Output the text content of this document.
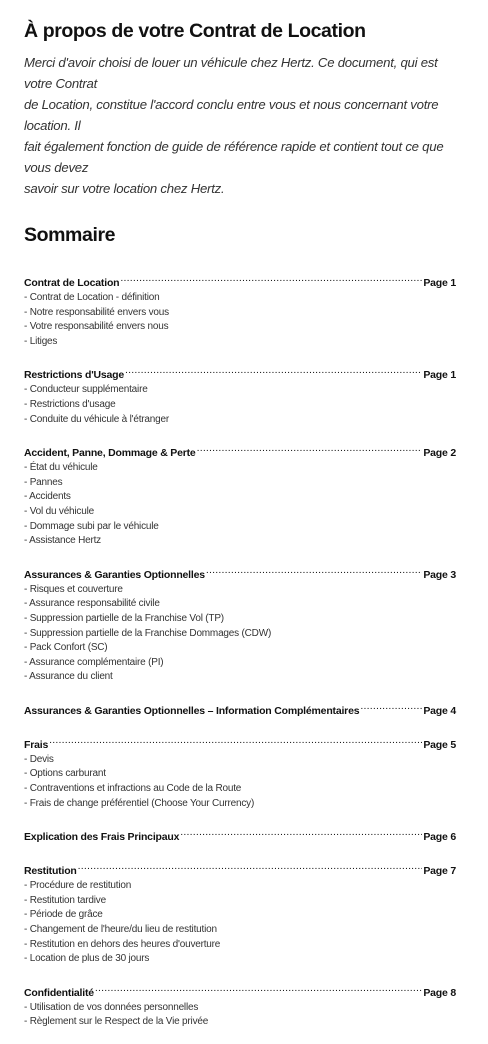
À propos de votre Contrat de Location

Merci d'avoir choisi de louer un véhicule chez Hertz. Ce document, qui est votre Contrat
de Location, constitue l'accord conclu entre vous et nous concernant votre location. Il
fait également fonction de guide de référence rapide et contient tout ce que vous devez
savoir sur votre location chez Hertz.

Sommaire
Contrat de Location .....	Page 1
- Contrat de Location - définition
- Notre responsabilité envers vous
- Votre responsabilité envers nous
- Litiges
Restrictions d'Usage .....	Page 1
- Conducteur supplémentaire
- Restrictions d'usage
- Conduite du véhicule à l'étranger
Accident, Panne, Dommage & Perte .....	Page 2
- État du véhicule
- Pannes
- Accidents
- Vol du véhicule
- Dommage subi par le véhicule
- Assistance Hertz
Assurances & Garanties Optionnelles .....	Page 3
- Risques et couverture
- Assurance responsabilité civile
- Suppression partielle de la Franchise Vol (TP)
- Suppression partielle de la Franchise Dommages (CDW)
- Pack Confort (SC)
- Assurance complémentaire (PI)
- Assurance du client
Assurances & Garanties Optionnelles – Information Complémentaires .....	Page 4
Frais .....	Page 5
- Devis
- Options carburant
- Contraventions et infractions au Code de la Route
- Frais de change préférentiel (Choose Your Currency)
Explication des Frais Principaux .....	Page 6
Restitution .....	Page 7
- Procédure de restitution
- Restitution tardive
- Période de grâce
- Changement de l'heure/du lieu de restitution
- Restitution en dehors des heures d'ouverture
- Location de plus de 30 jours
Confidentialité .....	Page 8
- Utilisation de vos données personnelles
- Règlement sur le Respect de la Vie privée
